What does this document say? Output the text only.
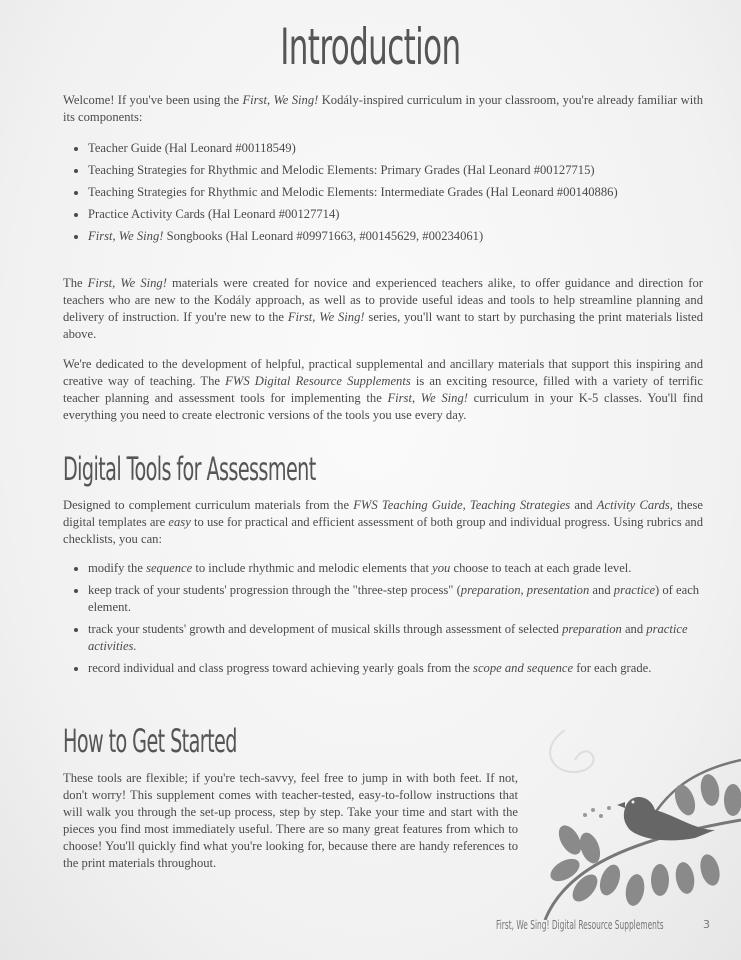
Introduction

Welcome! If you've been using the First, We Sing! Kodály-inspired curriculum in your classroom, you're already familiar with its components:

• Teacher Guide (Hal Leonard #00118549)
• Teaching Strategies for Rhythmic and Melodic Elements: Primary Grades (Hal Leonard #00127715)
• Teaching Strategies for Rhythmic and Melodic Elements: Intermediate Grades (Hal Leonard #00140886)
• Practice Activity Cards (Hal Leonard #00127714)
• First, We Sing! Songbooks (Hal Leonard #09971663, #00145629, #00234061)

The First, We Sing! materials were created for novice and experienced teachers alike, to offer guidance and direction for teachers who are new to the Kodály approach, as well as to provide useful ideas and tools to help streamline planning and delivery of instruction. If you're new to the First, We Sing! series, you'll want to start by purchasing the print materials listed above.

We're dedicated to the development of helpful, practical supplemental and ancillary materials that support this inspiring and creative way of teaching. The FWS Digital Resource Supplements is an exciting resource, filled with a variety of terrific teacher planning and assessment tools for implementing the First, We Sing! curriculum in your K-5 classes. You'll find everything you need to create electronic versions of the tools you use every day.

Digital Tools for Assessment

Designed to complement curriculum materials from the FWS Teaching Guide, Teaching Strategies and Activity Cards, these digital templates are easy to use for practical and efficient assessment of both group and individual progress. Using rubrics and checklists, you can:

• modify the sequence to include rhythmic and melodic elements that you choose to teach at each grade level.
• keep track of your students' progression through the "three-step process" (preparation, presentation and practice) of each element.
• track your students' growth and development of musical skills through assessment of selected preparation and practice activities.
• record individual and class progress toward achieving yearly goals from the scope and sequence for each grade.
How to Get Started

These tools are flexible; if you're tech-savvy, feel free to jump in with both feet. If not, don't worry! This supplement comes with teacher-tested, easy-to-follow instructions that will walk you through the set-up process, step by step. Take your time and start with the pieces you find most immediately useful. There are so many great features from which to choose! You'll quickly find what you're looking for, because there are handy references to the print materials throughout.

First, We Sing! Digital Resource Supplements	3
